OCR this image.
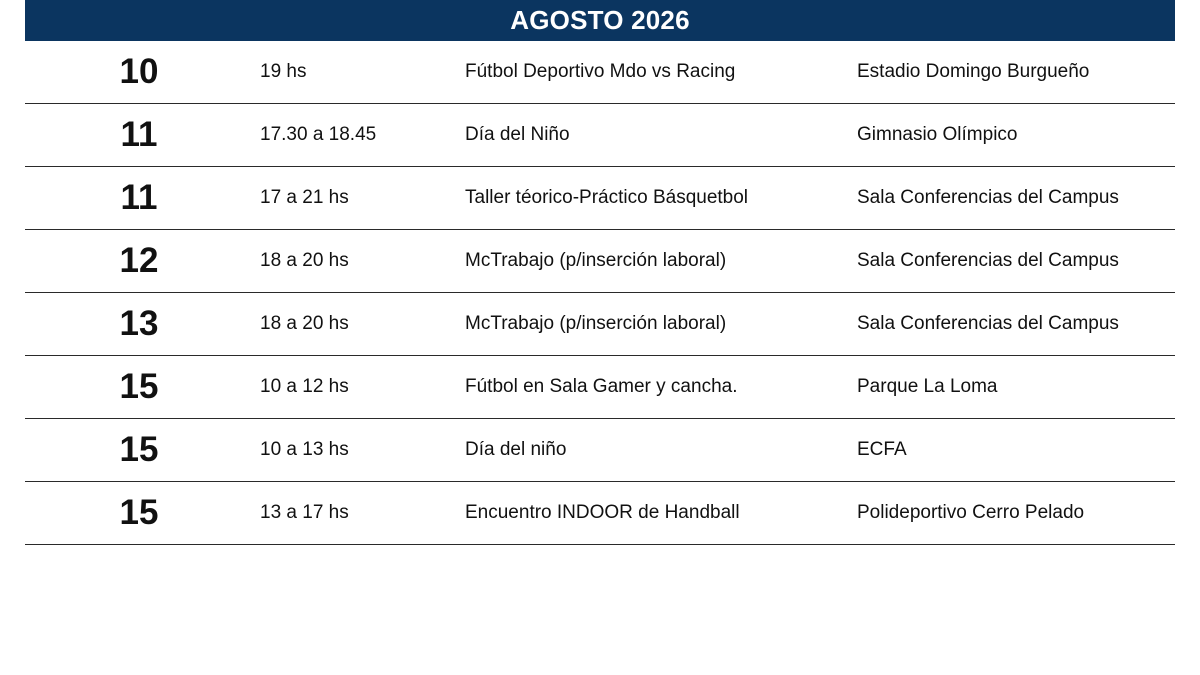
AGOSTO 2026
10	19 hs	Fútbol Deportivo Mdo vs Racing	Estadio Domingo Burgueño
11	17.30 a 18.45	Día del Niño	Gimnasio Olímpico
11	17 a 21 hs	Taller téorico-Práctico Básquetbol	Sala Conferencias del Campus
12	18 a 20 hs	McTrabajo (p/inserción laboral)	Sala Conferencias del Campus
13	18 a 20 hs	McTrabajo (p/inserción laboral)	Sala Conferencias del Campus
15	10 a 12 hs	Fútbol en Sala Gamer y cancha.	Parque La Loma
15	10 a 13 hs	Día del niño	ECFA
15	13 a 17 hs	Encuentro INDOOR de Handball	Polideportivo Cerro Pelado
